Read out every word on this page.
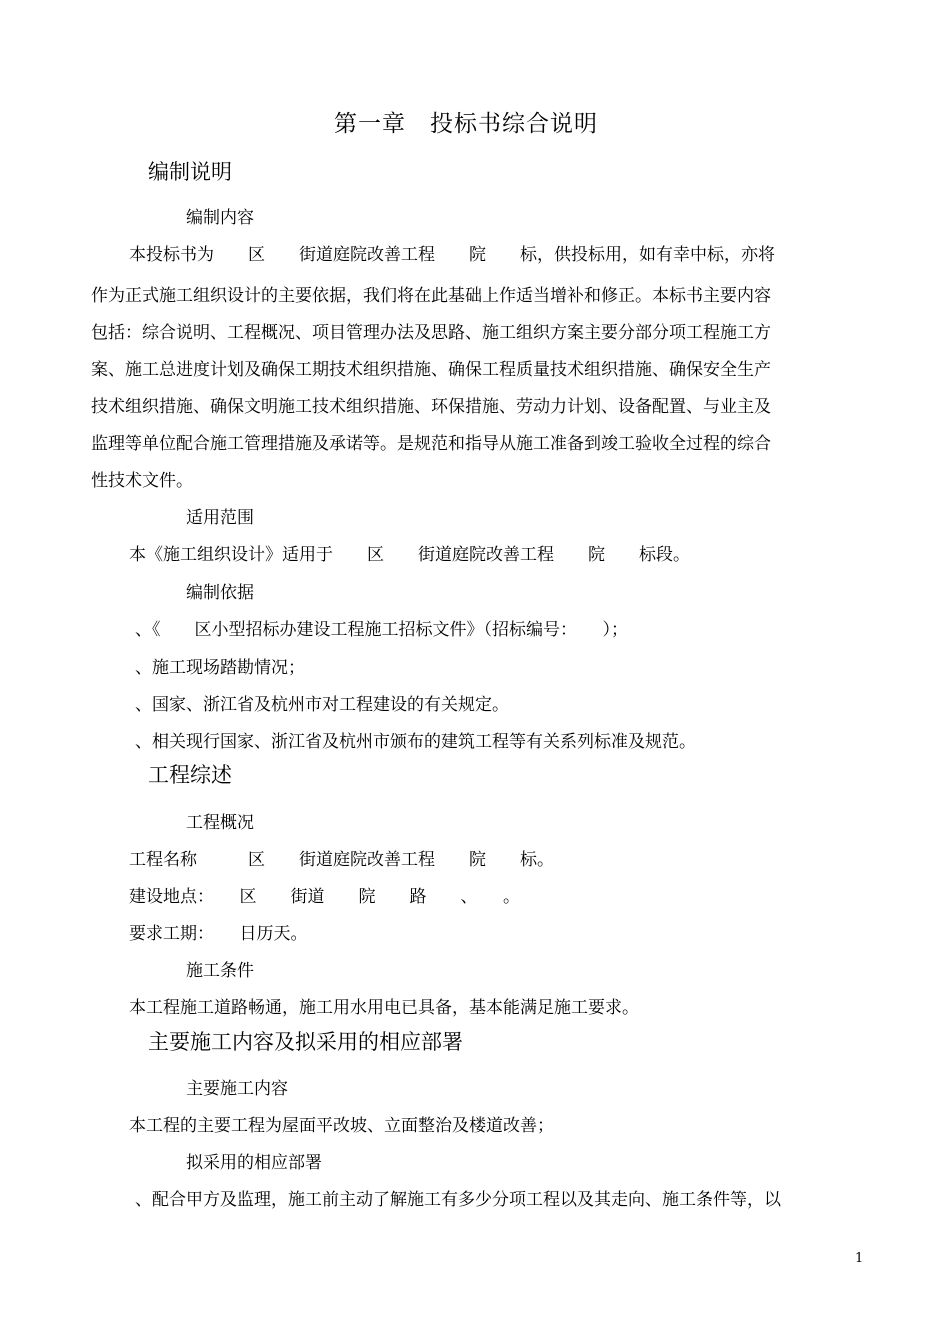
第一章　投标书综合说明
编制说明
编制内容
本投标书为　　区　　街道庭院改善工程　　院　　标，供投标用，如有幸中标，亦将
作为正式施工组织设计的主要依据，我们将在此基础上作适当增补和修正。本标书主要内容
包括：综合说明、工程概况、项目管理办法及思路、施工组织方案主要分部分项工程施工方
案、施工总进度计划及确保工期技术组织措施、确保工程质量技术组织措施、确保安全生产
技术组织措施、确保文明施工技术组织措施、环保措施、劳动力计划、设备配置、与业主及
监理等单位配合施工管理措施及承诺等。是规范和指导从施工准备到竣工验收全过程的综合
性技术文件。
适用范围
本《施工组织设计》适用于　　区　　街道庭院改善工程　　院　　标段。
编制依据
、《　　区小型招标办建设工程施工招标文件》（招标编号：　　）；
、施工现场踏勘情况；
、国家、浙江省及杭州市对工程建设的有关规定。
、相关现行国家、浙江省及杭州市颁布的建筑工程等有关系列标准及规范。
工程综述
工程概况
工程名称　　　区　　街道庭院改善工程　　院　　标。
建设地点：　　区　　街道　　院　　路　　、　　。
要求工期：　　日历天。
施工条件
本工程施工道路畅通，施工用水用电已具备，基本能满足施工要求。
主要施工内容及拟采用的相应部署
主要施工内容
本工程的主要工程为屋面平改坡、立面整治及楼道改善；
拟采用的相应部署
、配合甲方及监理，施工前主动了解施工有多少分项工程以及其走向、施工条件等，以
1
